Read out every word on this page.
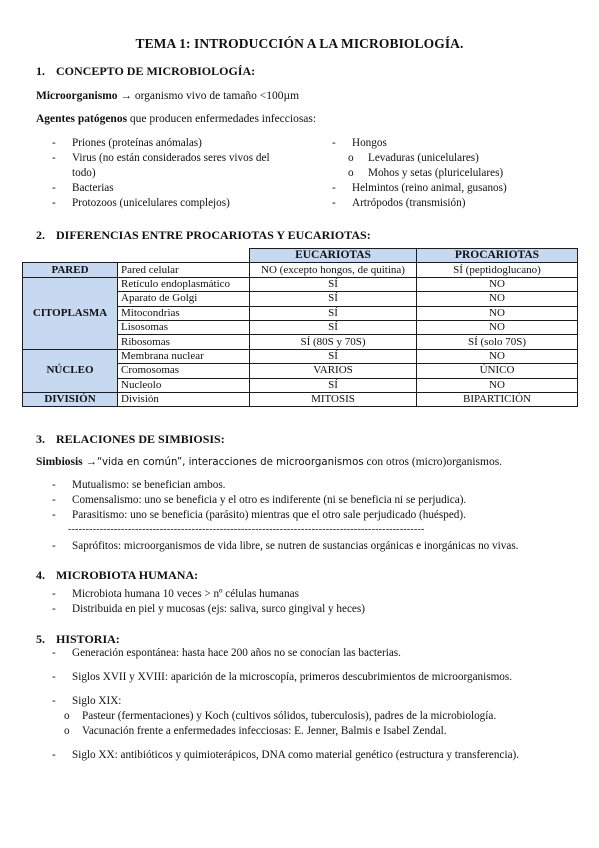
TEMA 1: INTRODUCCIÓN A LA MICROBIOLOGÍA.
1. CONCEPTO DE MICROBIOLOGÍA:
Microorganismo → organismo vivo de tamaño <100µm
Agentes patógenos que producen enfermedades infecciosas:
- Priones (proteínas anómalas)
- Virus (no están considerados seres vivos del
todo)
- Bacterias
- Protozoos (unicelulares complejos)
- Hongos
o Levaduras (unicelulares)
o Mohos y setas (pluricelulares)
- Helmintos (reino animal, gusanos)
- Artrópodos (transmisión)
2. DIFERENCIAS ENTRE PROCARIOTAS Y EUCARIOTAS:
		EUCARIOTAS	PROCARIOTAS
PARED	Pared celular	NO (excepto hongos, de quitina)	SÍ (peptidoglucano)
CITOPLASMA	Retículo endoplasmático	SÍ	NO
	Aparato de Golgi	SÍ	NO
	Mitocondrias	SÍ	NO
	Lisosomas	SÍ	NO
	Ribosomas	SÍ (80S y 70S)	SÍ (solo 70S)
NÚCLEO	Membrana nuclear	SÍ	NO
	Cromosomas	VARIOS	ÚNICO
	Nucleolo	SÍ	NO
DIVISIÓN	División	MITOSIS	BIPARTICIÓN
3. RELACIONES DE SIMBIOSIS:
Simbiosis →“vida en común”, interacciones de microorganismos con otros (micro)organismos.
- Mutualismo: se benefician ambos.
- Comensalismo: uno se beneficia y el otro es indiferente (ni se beneficia ni se perjudica).
- Parasitismo: uno se beneficia (parásito) mientras que el otro sale perjudicado (huésped).
-----------------------------------------------------------------------------------------------------
- Saprófitos: microorganismos de vida libre, se nutren de sustancias orgánicas e inorgánicas no vivas.
4. MICROBIOTA HUMANA:
- Microbiota humana 10 veces > nº células humanas
- Distribuida en piel y mucosas (ejs: saliva, surco gingival y heces)
5. HISTORIA:
- Generación espontánea: hasta hace 200 años no se conocían las bacterias.
- Siglos XVII y XVIII: aparición de la microscopía, primeros descubrimientos de microorganismos.
- Siglo XIX:
o Pasteur (fermentaciones) y Koch (cultivos sólidos, tuberculosis), padres de la microbiología.
o Vacunación frente a enfermedades infecciosas: E. Jenner, Balmis e Isabel Zendal.
- Siglo XX: antibióticos y quimioterápicos, DNA como material genético (estructura y transferencia).
